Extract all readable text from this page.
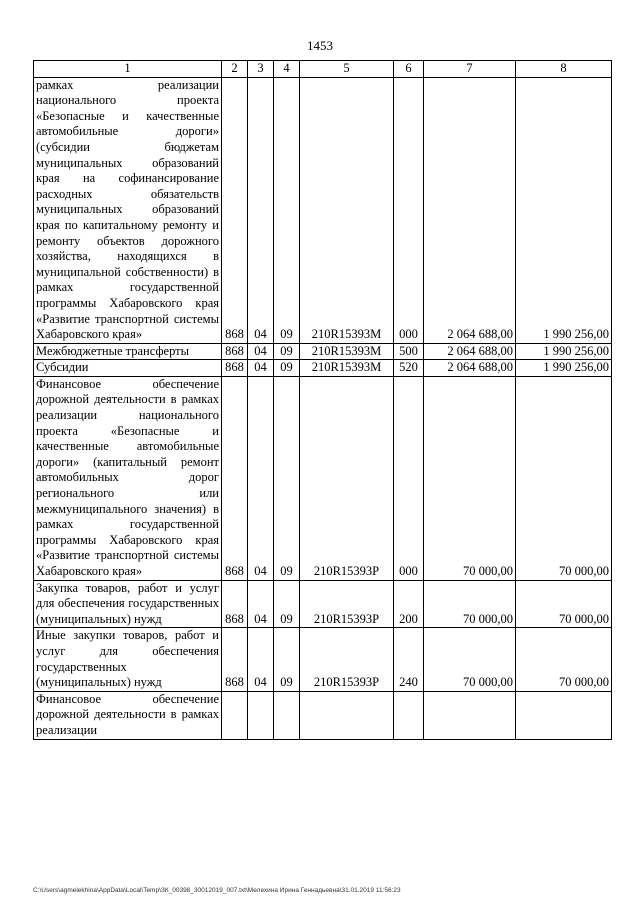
1453
1	2	3	4	5	6	7	8
рамках реализации национального проекта «Безопасные и качественные автомобильные дороги» (субсидии бюджетам муниципальных образований края на софинансирование расходных обязательств муниципальных образований края по капитальному ремонту и ремонту объектов дорожного хозяйства, находящихся в муниципальной собственности) в рамках государственной программы Хабаровского края «Развитие транспортной системы Хабаровского края»	868	04	09	210R15393M	000	2 064 688,00	1 990 256,00
Межбюджетные трансферты	868	04	09	210R15393M	500	2 064 688,00	1 990 256,00
Субсидии	868	04	09	210R15393M	520	2 064 688,00	1 990 256,00
Финансовое обеспечение дорожной деятельности в рамках реализации национального проекта «Безопасные и качественные автомобильные дороги» (капитальный ремонт автомобильных дорог регионального или межмуниципального значения) в рамках государственной программы Хабаровского края «Развитие транспортной системы Хабаровского края»	868	04	09	210R15393P	000	70 000,00	70 000,00
Закупка товаров, работ и услуг для обеспечения государственных (муниципальных) нужд	868	04	09	210R15393P	200	70 000,00	70 000,00
Иные закупки товаров, работ и услуг для обеспечения государственных (муниципальных) нужд	868	04	09	210R15393P	240	70 000,00	70 000,00
Финансовое обеспечение дорожной деятельности в рамках реализации							
C:\Users\agmelekhina\AppData\Local\Temp\ЗК_00398_30012019_007.txt\Мелехина Ирина Геннадьевна\31.01.2019 11:56:23
